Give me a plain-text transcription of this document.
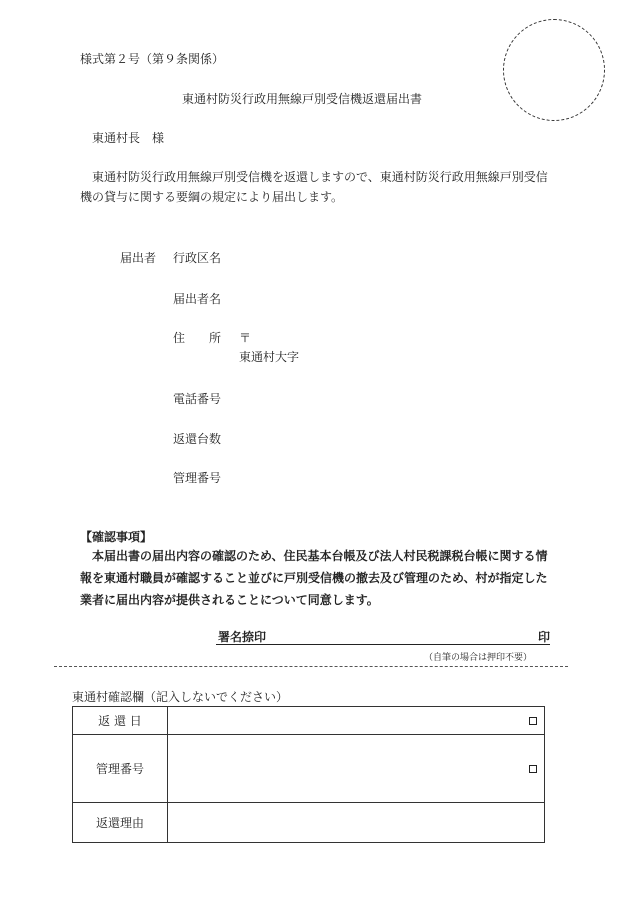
様式第２号（第９条関係）
東通村防災行政用無線戸別受信機返還届出書
東通村長　様
　東通村防災行政用無線戸別受信機を返還しますので、東通村防災行政用無線戸別受信機の貸与に関する要綱の規定により届出します。
届出者 行政区名
届出者名
住　　所 〒
東通村大字
電話番号
返還台数
管理番号
【確認事項】
　本届出書の届出内容の確認のため、住民基本台帳及び法人村民税課税台帳に関する情報を東通村職員が確認すること並びに戸別受信機の撤去及び管理のため、村が指定した業者に届出内容が提供されることについて同意します。
署名捺印	印
（自筆の場合は押印不要）
東通村確認欄（記入しないでください）
返 還 日	

管理番号	

返還理由	
